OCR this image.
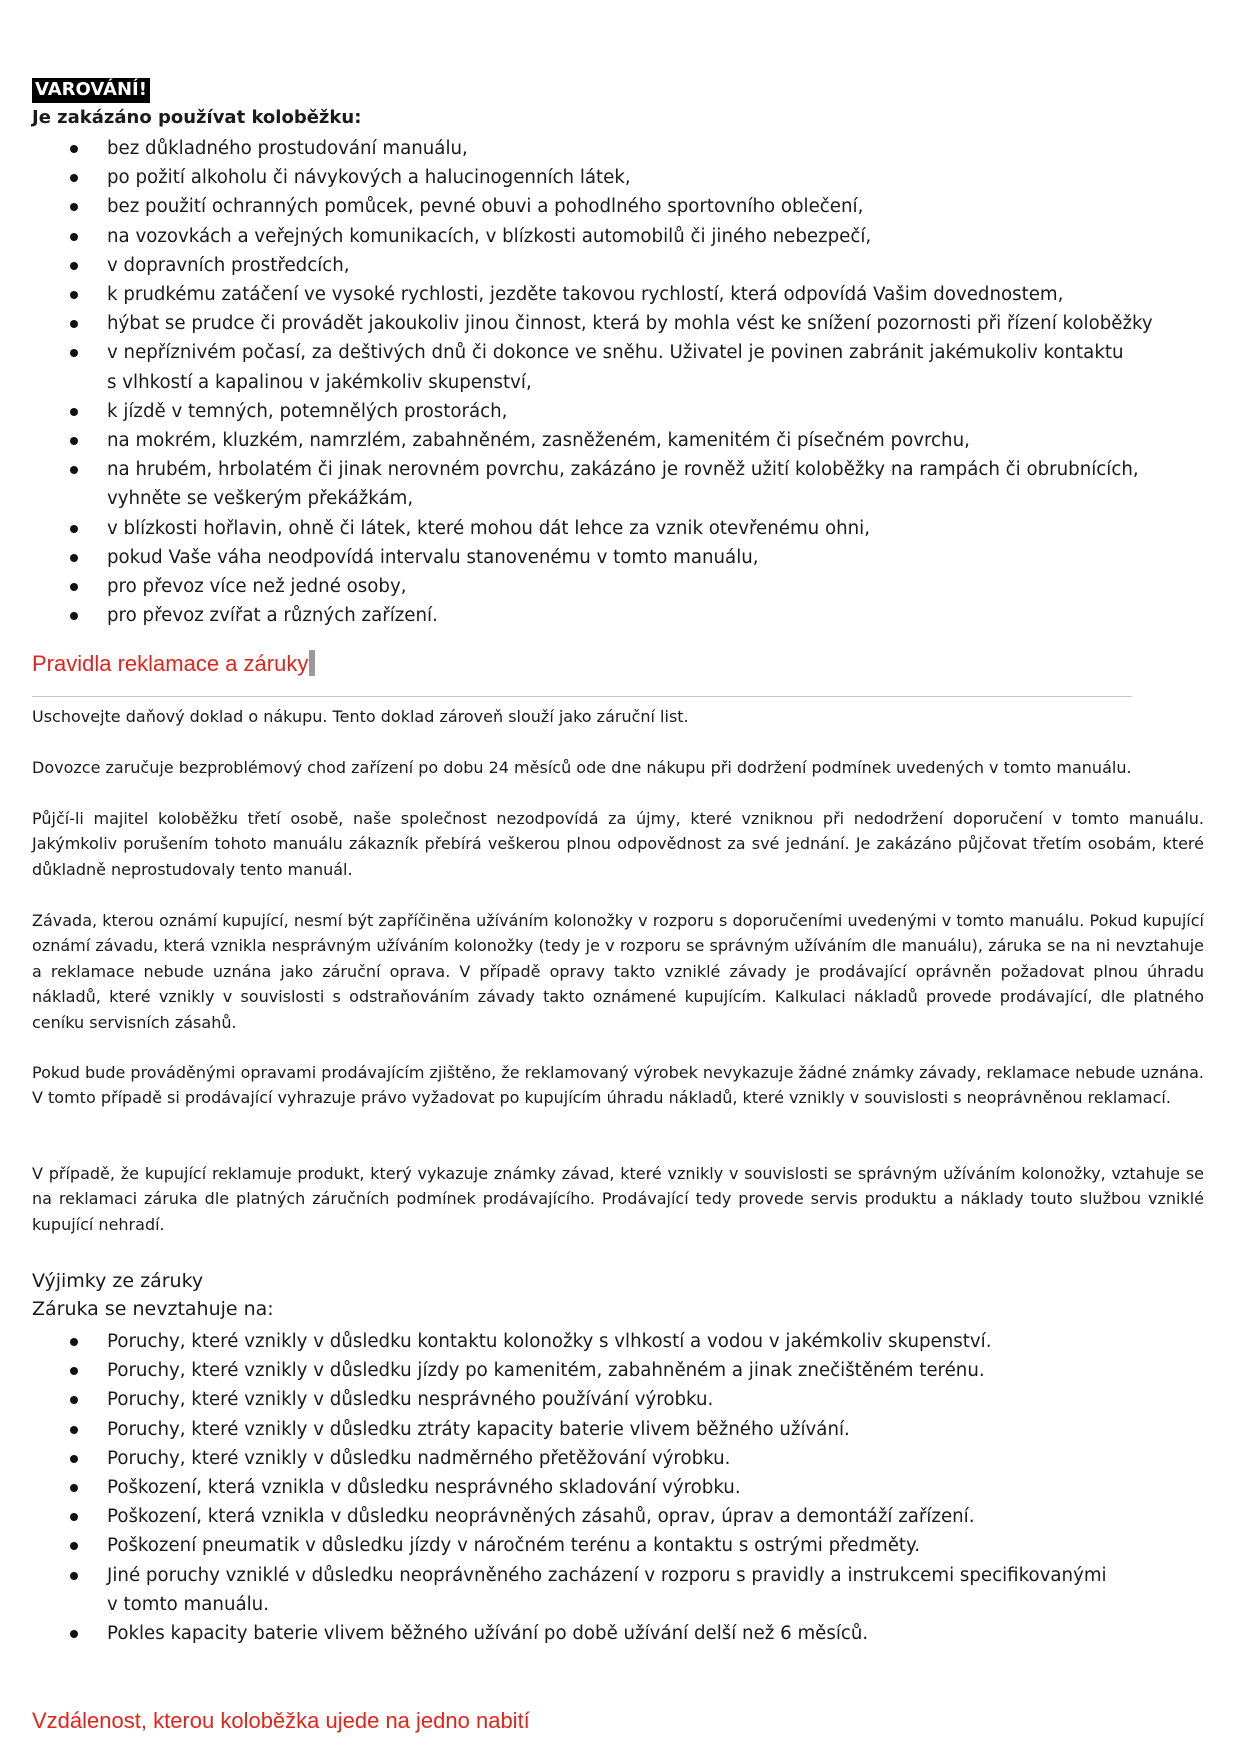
VAROVÁNÍ!
Je zakázáno používat koloběžku:
bez důkladného prostudování manuálu,
po požití alkoholu či návykových a halucinogenních látek,
bez použití ochranných pomůcek, pevné obuvi a pohodlného sportovního oblečení,
na vozovkách a veřejných komunikacích, v blízkosti automobilů či jiného nebezpečí,
v dopravních prostředcích,
k prudkému zatáčení ve vysoké rychlosti, jezděte takovou rychlostí, která odpovídá Vašim dovednostem,
hýbat se prudce či provádět jakoukoliv jinou činnost, která by mohla vést ke snížení pozornosti při řízení koloběžky
v nepříznivém počasí, za deštivých dnů či dokonce ve sněhu. Uživatel je povinen zabránit jakémukoliv kontaktu
s vlhkostí a kapalinou v jakémkoliv skupenství,
k jízdě v temných, potemnělých prostorách,
na mokrém, kluzkém, namrzlém, zabahněném, zasněženém, kamenitém či písečném povrchu,
na hrubém, hrbolatém či jinak nerovném povrchu, zakázáno je rovněž užití koloběžky na rampách či obrubnících,
vyhněte se veškerým překážkám,
v blízkosti hořlavin, ohně či látek, které mohou dát lehce za vznik otevřenému ohni,
pokud Vaše váha neodpovídá intervalu stanovenému v tomto manuálu,
pro převoz více než jedné osoby,
pro převoz zvířat a různých zařízení.
Pravidla reklamace a záruky
Uschovejte daňový doklad o nákupu. Tento doklad zároveň slouží jako záruční list.
Dovozce zaručuje bezproblémový chod zařízení po dobu 24 měsíců ode dne nákupu při dodržení podmínek uvedených v tomto manuálu.
Půjčí-li majitel koloběžku třetí osobě, naše společnost nezodpovídá za újmy, které vzniknou při nedodržení doporučení v tomto manuálu. Jakýmkoliv porušením tohoto manuálu zákazník přebírá veškerou plnou odpovědnost za své jednání. Je zakázáno půjčovat třetím osobám, které důkladně neprostudovaly tento manuál.
Závada, kterou oznámí kupující, nesmí být zapříčiněna užíváním kolonožky v rozporu s doporučeními uvedenými v tomto manuálu. Pokud kupující oznámí závadu, která vznikla nesprávným užíváním kolonožky (tedy je v rozporu se správným užíváním dle manuálu), záruka se na ni nevztahuje a reklamace nebude uznána jako záruční oprava. V případě opravy takto vzniklé závady je prodávající oprávněn požadovat plnou úhradu nákladů, které vznikly v souvislosti s odstraňováním závady takto oznámené kupujícím. Kalkulaci nákladů provede prodávající, dle platného ceníku servisních zásahů.
Pokud bude prováděnými opravami prodávajícím zjištěno, že reklamovaný výrobek nevykazuje žádné známky závady, reklamace nebude uznána. V tomto případě si prodávající vyhrazuje právo vyžadovat po kupujícím úhradu nákladů, které vznikly v souvislosti s neoprávněnou reklamací.
V případě, že kupující reklamuje produkt, který vykazuje známky závad, které vznikly v souvislosti se správným užíváním kolonožky, vztahuje se na reklamaci záruka dle platných záručních podmínek prodávajícího. Prodávající tedy provede servis produktu a náklady touto službou vzniklé kupující nehradí.
Výjimky ze záruky
Záruka se nevztahuje na:
Poruchy, které vznikly v důsledku kontaktu kolonožky s vlhkostí a vodou v jakémkoliv skupenství.
Poruchy, které vznikly v důsledku jízdy po kamenitém, zabahněném a jinak znečištěném terénu.
Poruchy, které vznikly v důsledku nesprávného používání výrobku.
Poruchy, které vznikly v důsledku ztráty kapacity baterie vlivem běžného užívání.
Poruchy, které vznikly v důsledku nadměrného přetěžování výrobku.
Poškození, která vznikla v důsledku nesprávného skladování výrobku.
Poškození, která vznikla v důsledku neoprávněných zásahů, oprav, úprav a demontáží zařízení.
Poškození pneumatik v důsledku jízdy v náročném terénu a kontaktu s ostrými předměty.
Jiné poruchy vzniklé v důsledku neoprávněného zacházení v rozporu s pravidly a instrukcemi specifikovanými
v tomto manuálu.
Pokles kapacity baterie vlivem běžného užívání po době užívání delší než 6 měsíců.
Vzdálenost, kterou koloběžka ujede na jedno nabití
